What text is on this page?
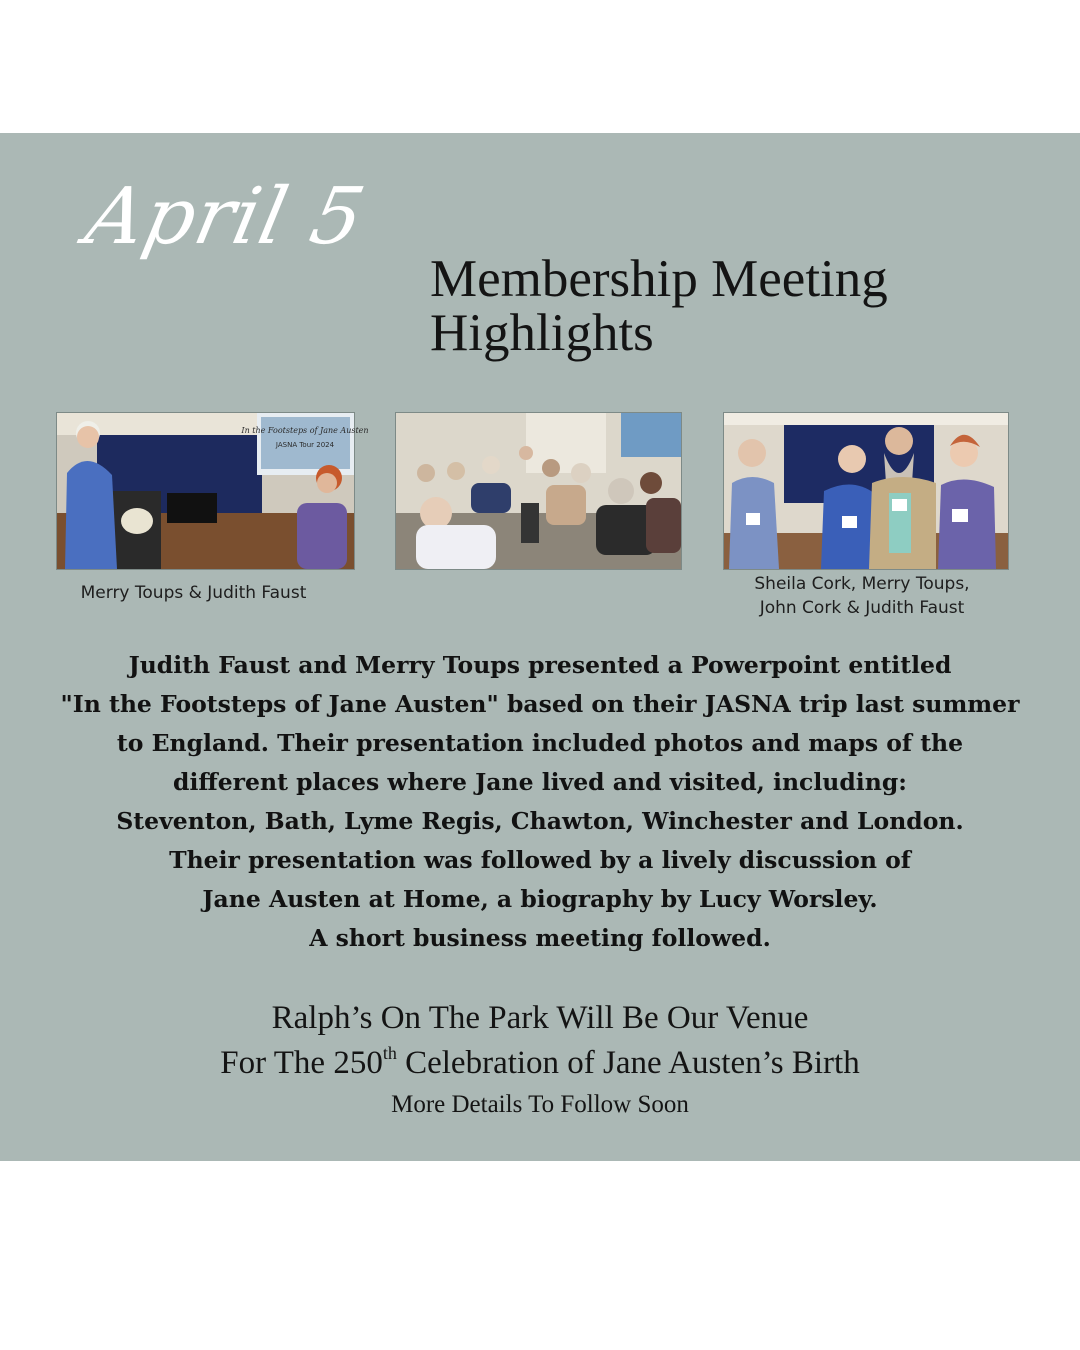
April 5
Membership Meeting
Highlights
In the Footsteps of Jane Austen
JASNA Tour 2024
Merry Toups & Judith Faust	Sheila Cork, Merry Toups,
John Cork & Judith Faust
Judith Faust and Merry Toups presented a Powerpoint entitled
"In the Footsteps of Jane Austen" based on their JASNA trip last summer
to England. Their presentation included photos and maps of the
different places where Jane lived and visited, including:
Steventon, Bath, Lyme Regis, Chawton, Winchester and London.
Their presentation was followed by a lively discussion of
Jane Austen at Home, a biography by Lucy Worsley.
A short business meeting followed.
Ralph’s On The Park Will Be Our Venue
For The 250th Celebration of Jane Austen’s Birth
More Details To Follow Soon
